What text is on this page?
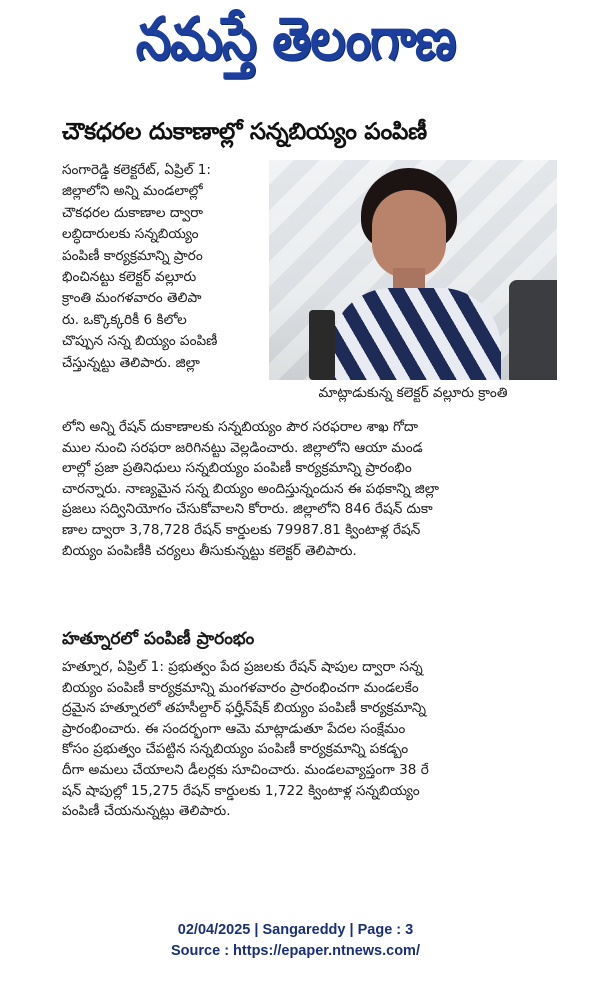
నమస్తే తెలంగాణ
చౌకధరల దుకాణాల్లో సన్నబియ్యం పంపిణీ

సంగారెడ్డి కలెక్టరేట్, ఏప్రిల్ 1:

జిల్లాలోని అన్ని మండలాల్లో

చౌకధరల దుకాణాల ద్వారా

లబ్ధిదారులకు సన్నబియ్యం

పంపిణీ కార్యక్రమాన్ని ప్రారం

భించినట్టు కలెక్టర్ వల్లూరు

క్రాంతి మంగళవారం తెలిపా

రు. ఒక్కొక్కరికీ 6 కిలోల

చొప్పున సన్న బియ్యం పంపిణీ

చేస్తున్నట్టు తెలిపారు. జిల్లా

మాట్లాడుకున్న కలెక్టర్ వల్లూరు క్రాంతి

లోని అన్ని రేషన్ దుకాణాలకు సన్నబియ్యం పౌర సరఫరాల శాఖ గోదా

ముల నుంచి సరఫరా జరిగినట్టు వెల్లడించారు. జిల్లాలోని ఆయా మండ

లాల్లో ప్రజా ప్రతినిధులు సన్నబియ్యం పంపిణీ కార్యక్రమాన్ని ప్రారంభిం

చారన్నారు. నాణ్యమైన సన్న బియ్యం అందిస్తున్నందున ఈ పథకాన్ని జిల్లా

ప్రజలు సద్వినియోగం చేసుకోవాలని కోరారు. జిల్లాలోని 846 రేషన్ దుకా

ణాల ద్వారా 3,78,728 రేషన్ కార్డులకు 79987.81 క్వింటాళ్ల రేషన్

బియ్యం పంపిణీకి చర్యలు తీసుకున్నట్టు కలెక్టర్ తెలిపారు.

హత్నూరలో పంపిణీ ప్రారంభం

హత్నూర, ఏప్రిల్ 1: ప్రభుత్వం పేద ప్రజలకు రేషన్ షాపుల ద్వారా సన్న

బియ్యం పంపిణీ కార్యక్రమాన్ని మంగళవారం ప్రారంభించగా మండలకేం

ద్రమైన హత్నూరలో తహసీల్దార్ ఫర్హీన్‌షేక్ బియ్యం పంపిణీ కార్యక్రమాన్ని

ప్రారంభించారు. ఈ సందర్భంగా ఆమె మాట్లాడుతూ పేదల సంక్షేమం

కోసం ప్రభుత్వం చేపట్టిన సన్నబియ్యం పంపిణీ కార్యక్రమాన్ని పకడ్బం

దీగా అమలు చేయాలని డీలర్లకు సూచించారు. మండలవ్యాప్తంగా 38 రే

షన్ షాపుల్లో 15,275 రేషన్ కార్డులకు 1,722 క్వింటాళ్ల సన్నబియ్యం

పంపిణీ చేయనున్నట్లు తెలిపారు.

02/04/2025 | Sangareddy | Page : 3
Source : https://epaper.ntnews.com/
